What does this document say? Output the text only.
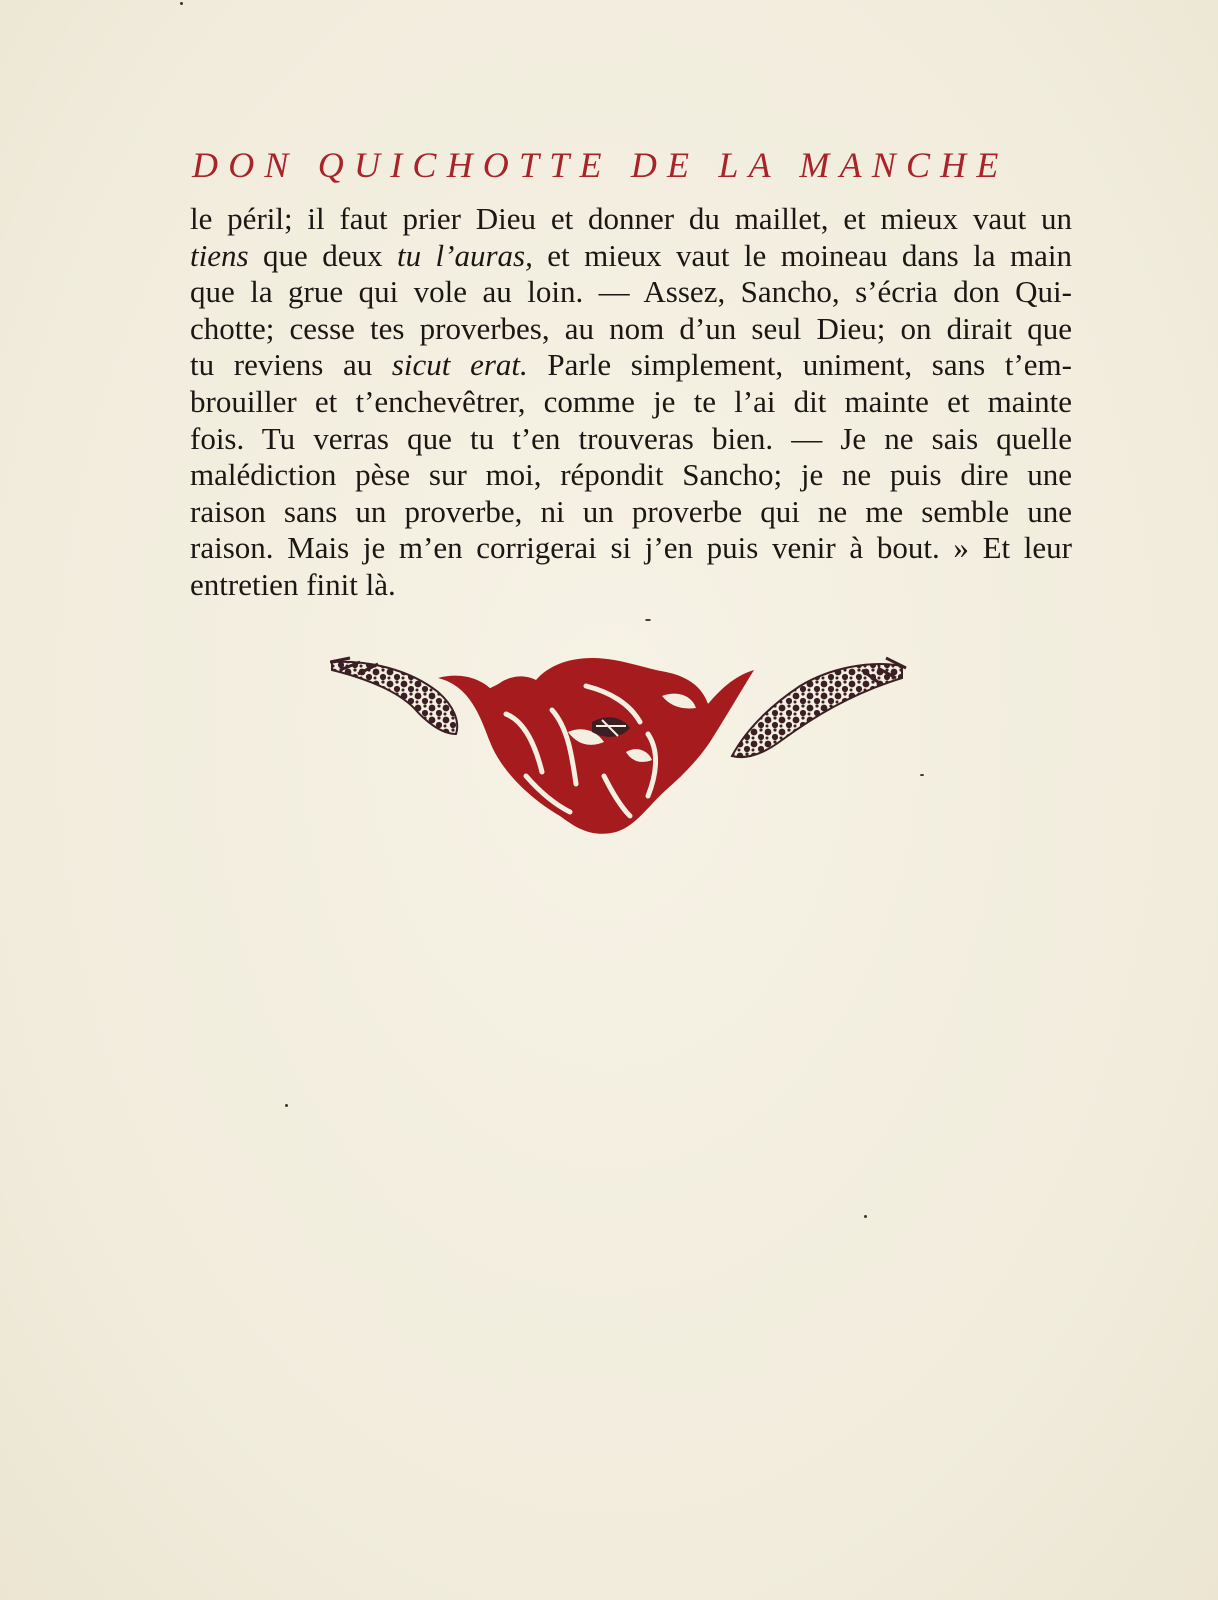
DON QUICHOTTE DE LA MANCHE

le péril; il faut prier Dieu et donner du maillet, et mieux vaut un

tiens que deux tu l’auras, et mieux vaut le moineau dans la main

que la grue qui vole au loin. — Assez, Sancho, s’écria don Qui-

chotte; cesse tes proverbes, au nom d’un seul Dieu; on dirait que

tu reviens au sicut erat. Parle simplement, uniment, sans t’em-

brouiller et t’enchevêtrer, comme je te l’ai dit mainte et mainte

fois. Tu verras que tu t’en trouveras bien. — Je ne sais quelle

malédiction pèse sur moi, répondit Sancho; je ne puis dire une

raison sans un proverbe, ni un proverbe qui ne me semble une

raison. Mais je m’en corrigerai si j’en puis venir à bout. » Et leur

entretien finit là.
